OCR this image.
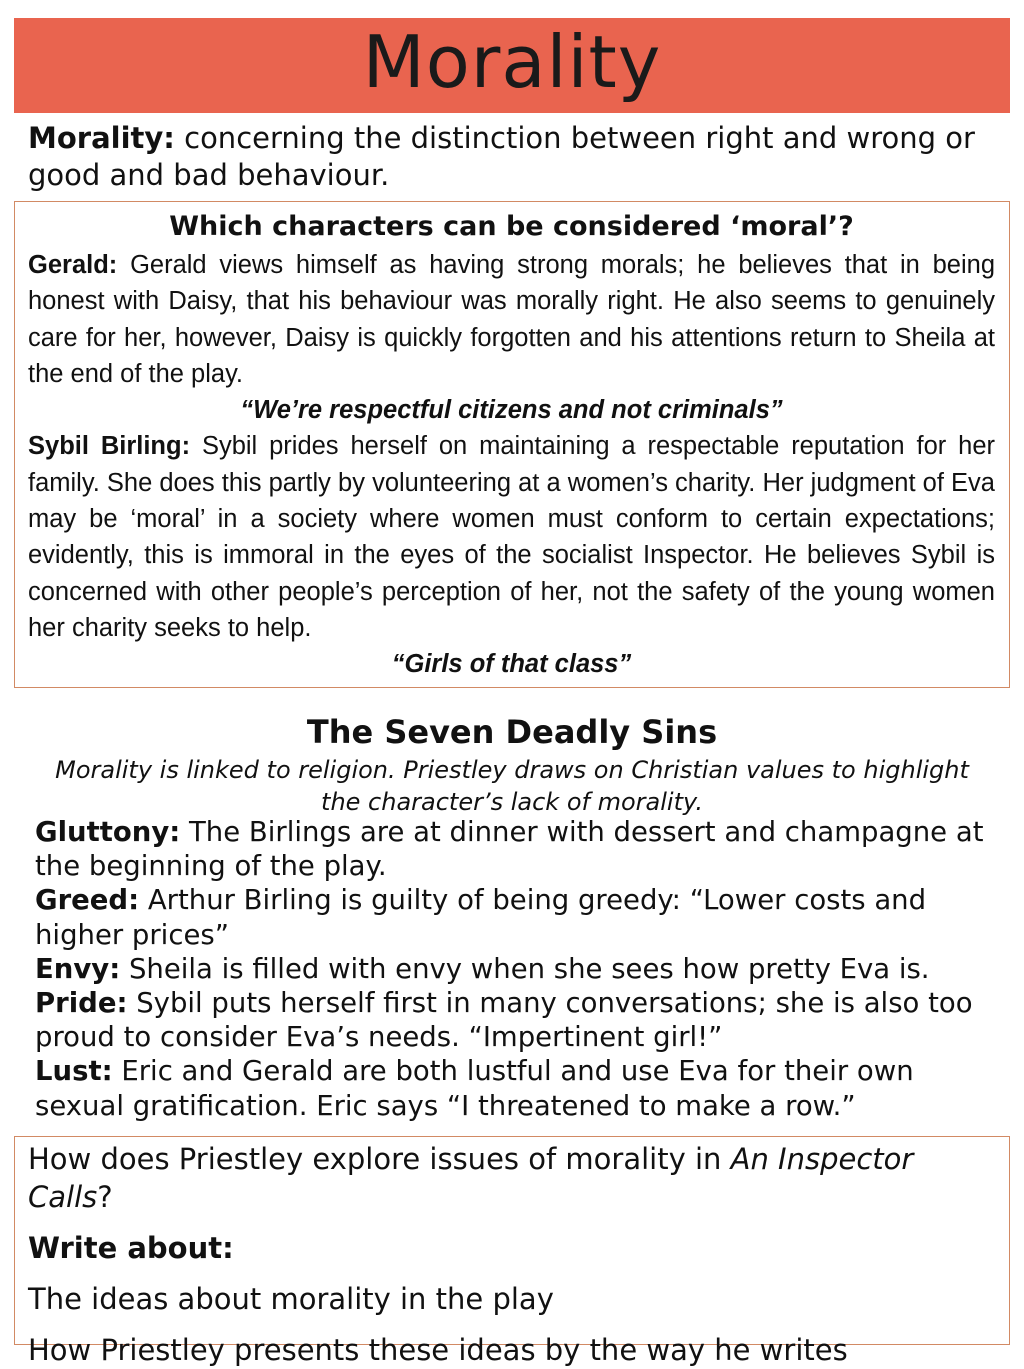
Morality
Morality: concerning the distinction between right and wrong or good and bad behaviour.
Which characters can be considered ‘moral’?

Gerald: Gerald views himself as having strong morals; he believes that in being honest with Daisy, that his behaviour was morally right. He also seems to genuinely care for her, however, Daisy is quickly forgotten and his attentions return to Sheila at the end of the play.

“We’re respectful citizens and not criminals”

Sybil Birling: Sybil prides herself on maintaining a respectable reputation for her family. She does this partly by volunteering at a women’s charity. Her judgment of Eva may be ‘moral’ in a society where women must conform to certain expectations; evidently, this is immoral in the eyes of the socialist Inspector. He believes Sybil is concerned with other people’s perception of her, not the safety of the young women her charity seeks to help.

“Girls of that class”

The Seven Deadly Sins
Morality is linked to religion. Priestley draws on Christian values to highlight the character’s lack of morality.
Gluttony: The Birlings are at dinner with dessert and champagne at the beginning of the play.
Greed: Arthur Birling is guilty of being greedy: “Lower costs and higher prices”
Envy: Sheila is filled with envy when she sees how pretty Eva is.
Pride: Sybil puts herself first in many conversations; she is also too proud to consider Eva’s needs. “Impertinent girl!”
Lust: Eric and Gerald are both lustful and use Eva for their own sexual gratification. Eric says “I threatened to make a row.”
How does Priestley explore issues of morality in An Inspector Calls?
Write about:
The ideas about morality in the play
How Priestley presents these ideas by the way he writes
